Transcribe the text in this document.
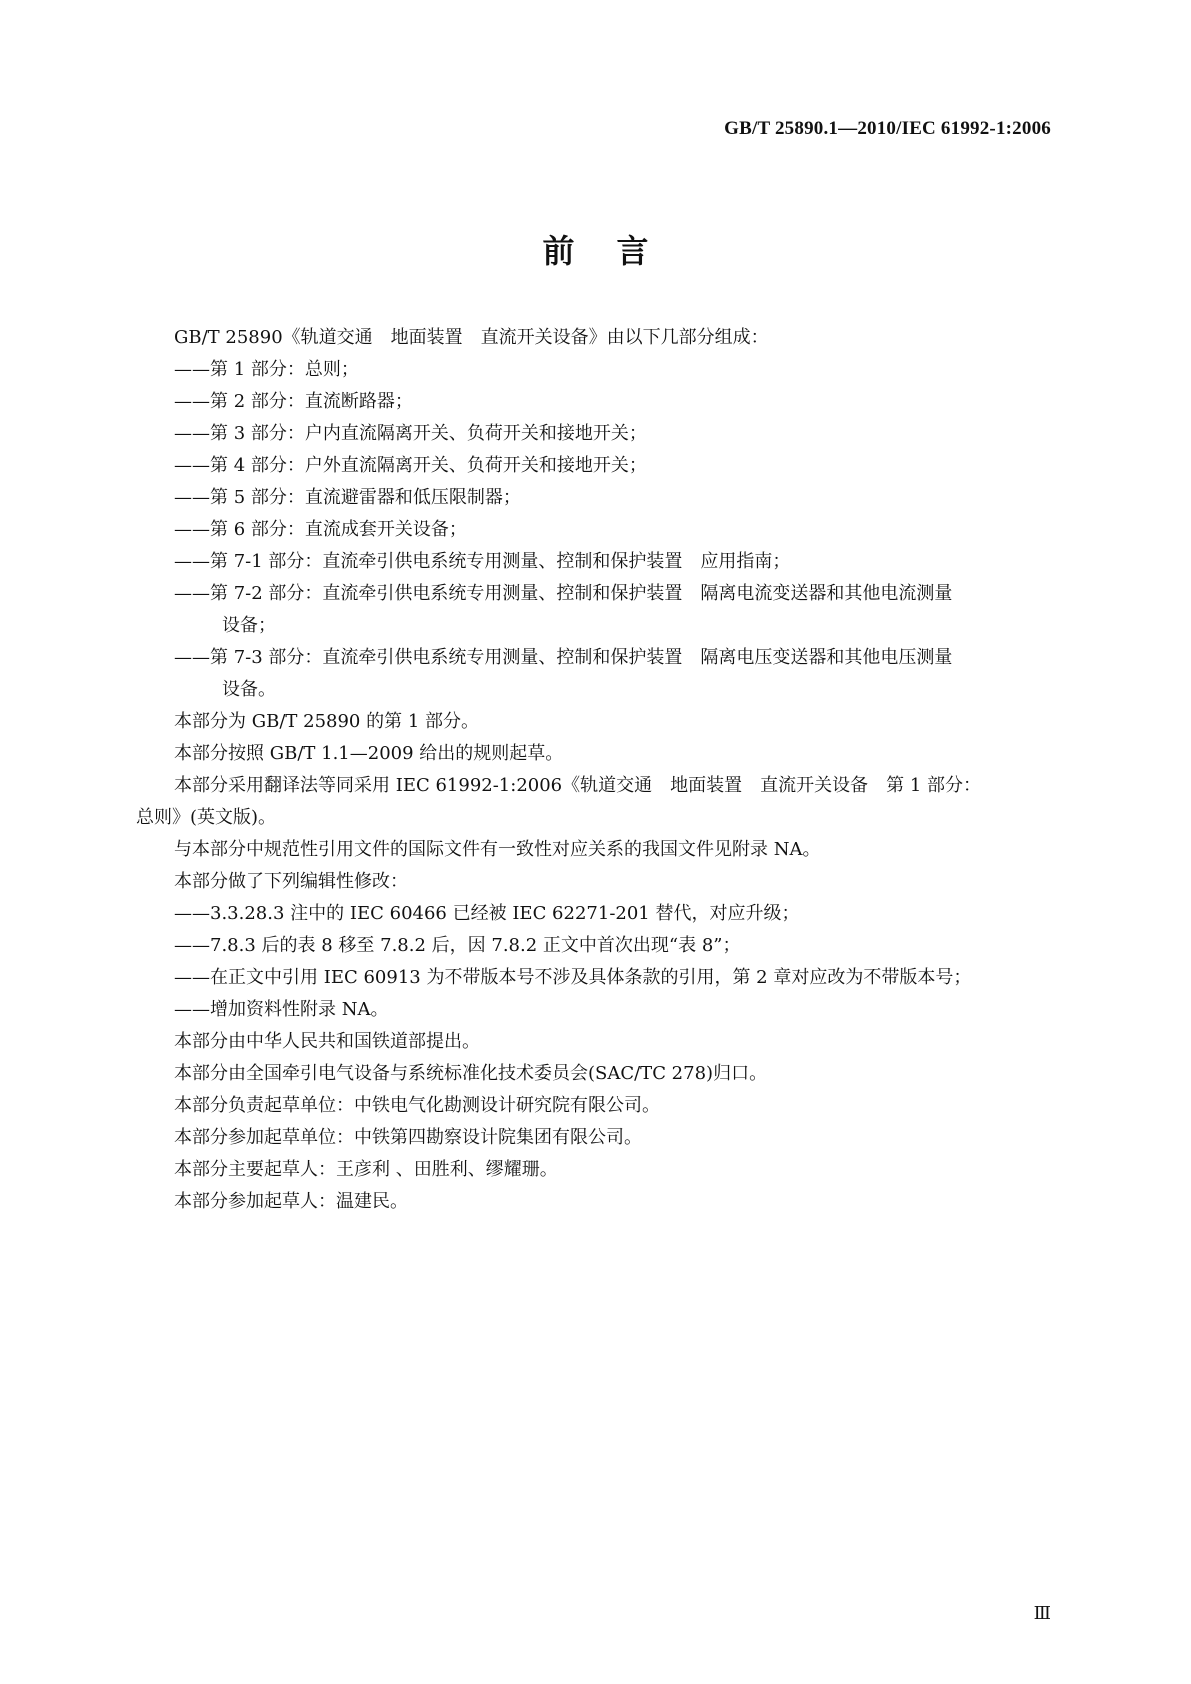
GB/T 25890.1—2010/IEC 61992-1:2006
前言
GB/T 25890《轨道交通　地面装置　直流开关设备》由以下几部分组成：
——第 1 部分：总则；
——第 2 部分：直流断路器；
——第 3 部分：户内直流隔离开关、负荷开关和接地开关；
——第 4 部分：户外直流隔离开关、负荷开关和接地开关；
——第 5 部分：直流避雷器和低压限制器；
——第 6 部分：直流成套开关设备；
——第 7-1 部分：直流牵引供电系统专用测量、控制和保护装置　应用指南；
——第 7-2 部分：直流牵引供电系统专用测量、控制和保护装置　隔离电流变送器和其他电流测量
设备；
——第 7-3 部分：直流牵引供电系统专用测量、控制和保护装置　隔离电压变送器和其他电压测量
设备。
本部分为 GB/T 25890 的第 1 部分。
本部分按照 GB/T 1.1—2009 给出的规则起草。
本部分采用翻译法等同采用 IEC 61992-1:2006《轨道交通　地面装置　直流开关设备　第 1 部分：
总则》(英文版)。
与本部分中规范性引用文件的国际文件有一致性对应关系的我国文件见附录 NA。
本部分做了下列编辑性修改：
——3.3.28.3 注中的 IEC 60466 已经被 IEC 62271-201 替代，对应升级；
——7.8.3 后的表 8 移至 7.8.2 后，因 7.8.2 正文中首次出现“表 8”；
——在正文中引用 IEC 60913 为不带版本号不涉及具体条款的引用，第 2 章对应改为不带版本号；
——增加资料性附录 NA。
本部分由中华人民共和国铁道部提出。
本部分由全国牵引电气设备与系统标准化技术委员会(SAC/TC 278)归口。
本部分负责起草单位：中铁电气化勘测设计研究院有限公司。
本部分参加起草单位：中铁第四勘察设计院集团有限公司。
本部分主要起草人：王彦利 、田胜利、缪耀珊。
本部分参加起草人：温建民。
Ⅲ
